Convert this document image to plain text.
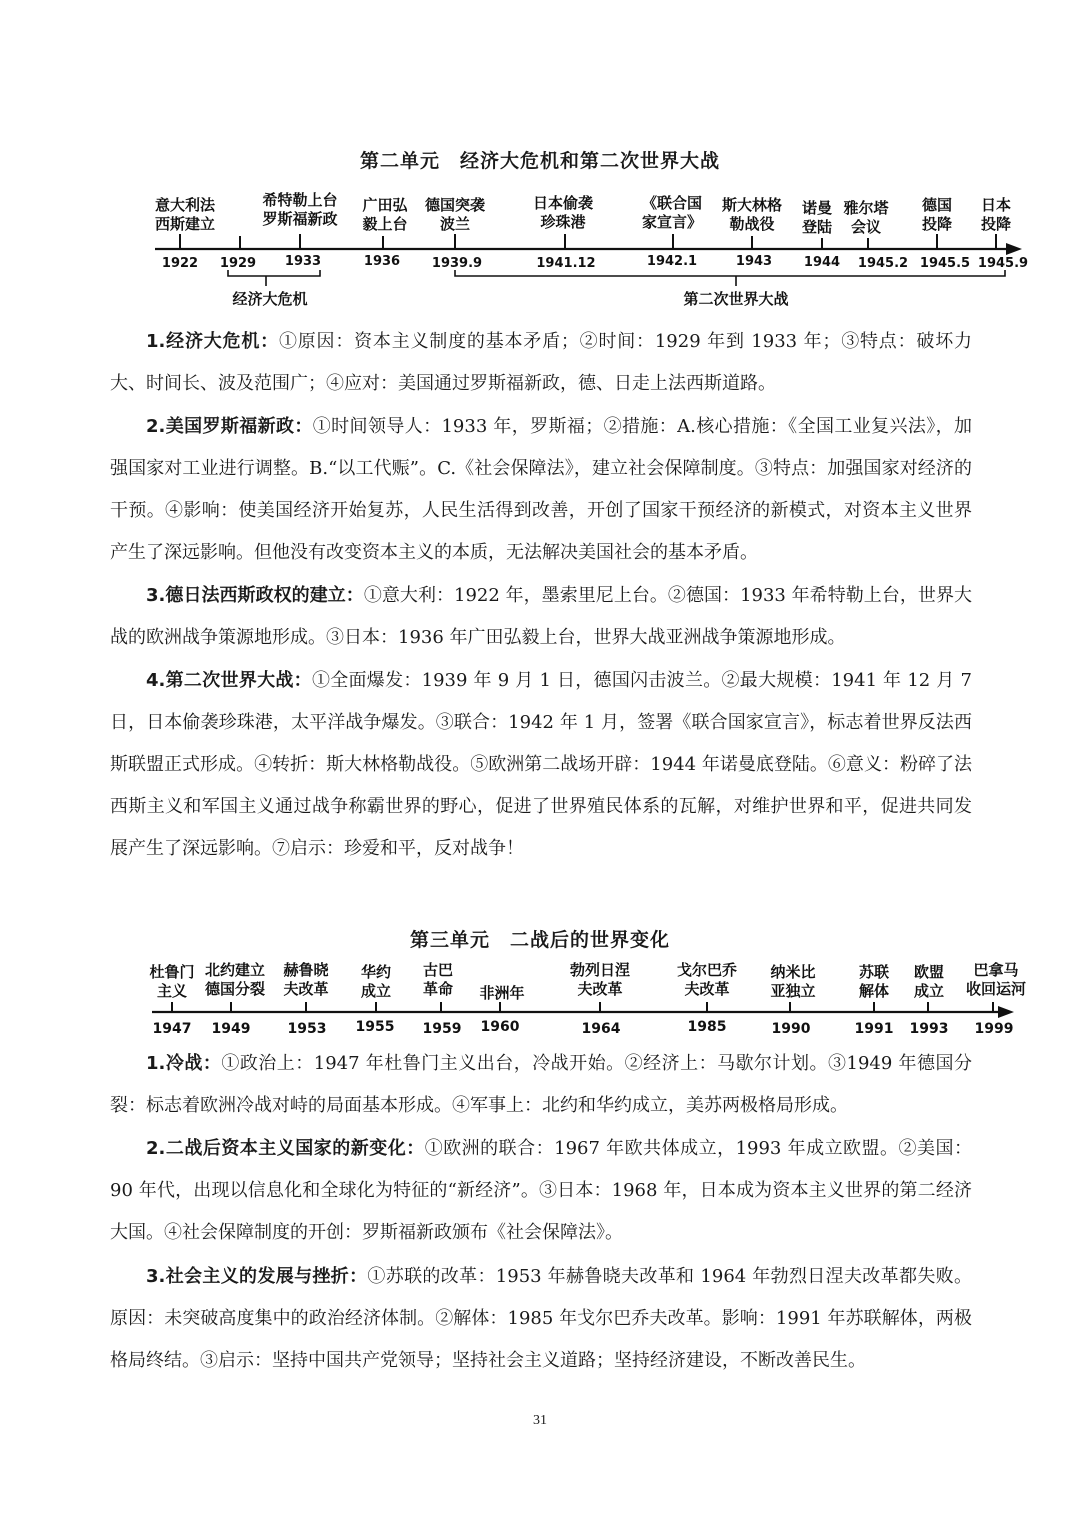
第二单元　经济大危机和第二次世界大战
意大利法
西斯建立
希特勒上台
罗斯福新政
广田弘
毅上台
德国突袭
波兰
日本偷袭
珍珠港
《联合国
家宣言》
斯大林格
勒战役
诺曼
登陆
雅尔塔
会议
德国
投降
日本
投降
1922 1929 1933	1936 1939.9	1941.12	1942.1	1943 1944 1945.2 1945.5 1945.9
经济大危机	第二次世界大战

1.经济大危机：①原因：资本主义制度的基本矛盾；②时间：1929 年到 1933 年；③特点：破坏力大、时间长、波及范围广；④应对：美国通过罗斯福新政，德、日走上法西斯道路。

2.美国罗斯福新政：①时间领导人：1933 年，罗斯福；②措施：A.核心措施：《全国工业复兴法》，加强国家对工业进行调整。B.“以工代赈”。C.《社会保障法》，建立社会保障制度。③特点：加强国家对经济的干预。④影响：使美国经济开始复苏，人民生活得到改善，开创了国家干预经济的新模式，对资本主义世界产生了深远影响。但他没有改变资本主义的本质，无法解决美国社会的基本矛盾。

3.德日法西斯政权的建立：①意大利：1922 年，墨索里尼上台。②德国：1933 年希特勒上台，世界大战的欧洲战争策源地形成。③日本：1936 年广田弘毅上台，世界大战亚洲战争策源地形成。

4.第二次世界大战：①全面爆发：1939 年 9 月 1 日，德国闪击波兰。②最大规模：1941 年 12 月 7 日，日本偷袭珍珠港，太平洋战争爆发。③联合：1942 年 1 月，签署《联合国家宣言》，标志着世界反法西斯联盟正式形成。④转折：斯大林格勒战役。⑤欧洲第二战场开辟：1944 年诺曼底登陆。⑥意义：粉碎了法西斯主义和军国主义通过战争称霸世界的野心，促进了世界殖民体系的瓦解，对维护世界和平，促进共同发展产生了深远影响。⑦启示：珍爱和平，反对战争！

第三单元　二战后的世界变化
杜鲁门
主义
北约建立
德国分裂
赫鲁晓
夫改革
华约
成立
古巴
革命 非洲年
勃列日涅
夫改革
戈尔巴乔
夫改革
纳米比
亚独立
苏联
解体
欧盟
成立
巴拿马
收回运河
1947 1949	1953 1955 1959 1960	1964	1985	1990	1991 1993 1999

1.冷战：①政治上：1947 年杜鲁门主义出台，冷战开始。②经济上：马歇尔计划。③1949 年德国分裂：标志着欧洲冷战对峙的局面基本形成。④军事上：北约和华约成立，美苏两极格局形成。

2.二战后资本主义国家的新变化：①欧洲的联合：1967 年欧共体成立，1993 年成立欧盟。②美国：90 年代，出现以信息化和全球化为特征的“新经济”。③日本：1968 年，日本成为资本主义世界的第二经济大国。④社会保障制度的开创：罗斯福新政颁布《社会保障法》。

3.社会主义的发展与挫折：①苏联的改革：1953 年赫鲁晓夫改革和 1964 年勃烈日涅夫改革都失败。原因：未突破高度集中的政治经济体制。②解体：1985 年戈尔巴乔夫改革。影响：1991 年苏联解体，两极格局终结。③启示：坚持中国共产党领导；坚持社会主义道路；坚持经济建设，不断改善民生。

31
